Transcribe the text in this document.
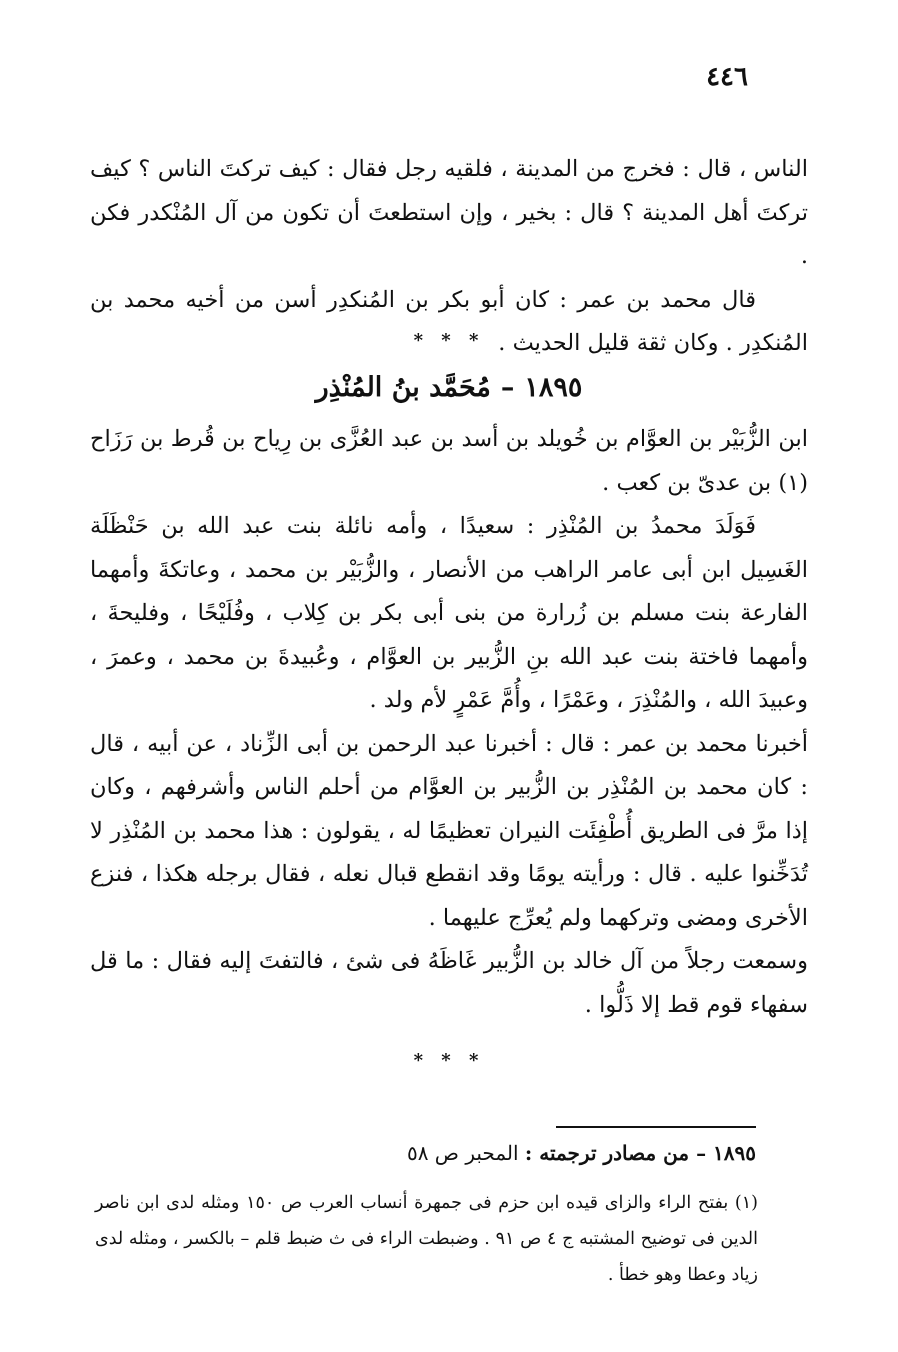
٤٤٦

الناس ، قال : فخرج من المدينة ، فلقيه رجل فقال : كيف تركتَ الناس ؟ كيف تركتَ أهل المدينة ؟ قال : بخير ، وإن استطعتَ أن تكون من آل المُنْكدر فكن .

قال محمد بن عمر : كان أبو بكر بن المُنكدِر أسن من أخيه محمد بن المُنكدِر . وكان ثقة قليل الحديث .

* * *
١٨٩٥–مُحَمَّد بنُ المُنْذِر

ابن الزُّبَيْر بن العوَّام بن خُويلد بن أسد بن عبد العُزَّى بن رِياح بن قُرط بن رَزَاح (١) بن عدىّ بن كعب .

فَوَلَدَ محمدُ بن المُنْذِر : سعيدًا ، وأمه نائلة بنت عبد الله بن حَنْظَلَة الغَسِيل ابن أبى عامر الراهب من الأنصار ، والزُّبَيْر بن محمد ، وعاتكةَ وأمهما الفارعة بنت مسلم بن زُرارة من بنى أبى بكر بن كِلاب ، وفُلَيْحًا ، وفليحةَ ، وأمهما فاختة بنت عبد الله بنِ الزُّبير بن العوَّام ، وعُبيدةَ بن محمد ، وعمرَ ، وعبيدَ الله ، والمُنْذِرَ ، وعَمْرًا ، وأُمَّ عَمْرٍ لأم ولد .

أخبرنا محمد بن عمر : قال : أخبرنا عبد الرحمن بن أبى الزِّناد ، عن أبيه ، قال : كان محمد بن المُنْذِر بن الزُّبير بن العوَّام من أحلم الناس وأشرفهم ، وكان إذا مرَّ فى الطريق أُطْفِئَت النيران تعظيمًا له ، يقولون : هذا محمد بن المُنْذِر لا تُدَخِّنوا عليه . قال : ورأيته يومًا وقد انقطع قبال نعله ، فقال برجله هكذا ، فنزع الأخرى ومضى وتركهما ولم يُعرِّج عليهما .

وسمعت رجلاً من آل خالد بن الزُّبير غَاظَهُ فى شئ ، فالتفتَ إليه فقال : ما قل سفهاء قوم قط إلا ذَلُّوا .

* * *
١٨٩٥ – من مصادر ترجمته : المحبر ص ٥٨
(١) بفتح الراء والزاى قيده ابن حزم فى جمهرة أنساب العرب ص ١٥٠ ومثله لدى ابن ناصر الدين فى توضيح المشتبه ج ٤ ص ٩١ . وضبطت الراء فى ث ضبط قلم – بالكسر ، ومثله لدى زياد وعطا وهو خطأ .
